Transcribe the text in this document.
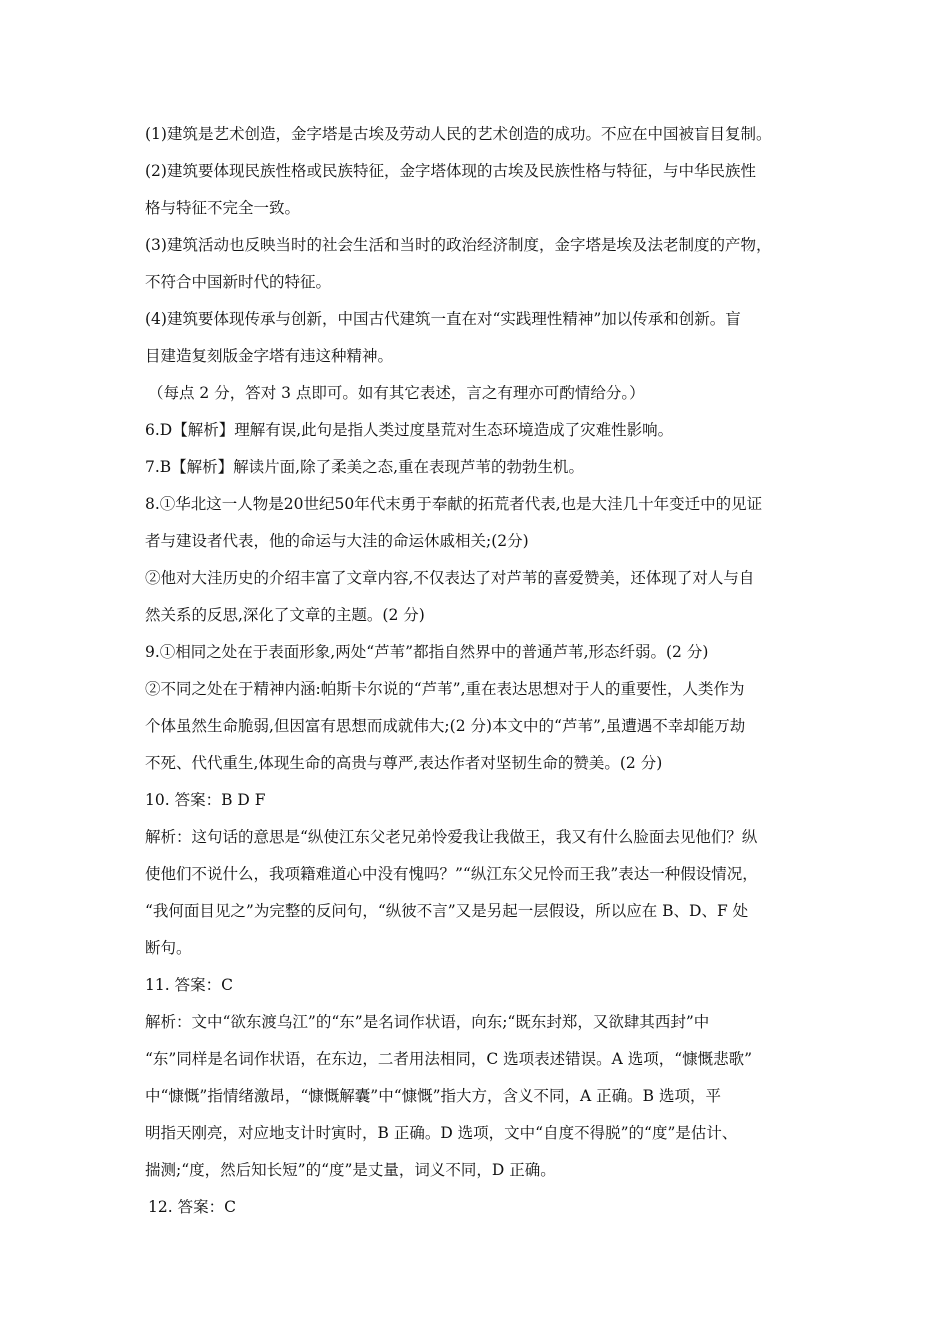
(1)建筑是艺术创造，金字塔是古埃及劳动人民的艺术创造的成功。不应在中国被盲目复制。
(2)建筑要体现民族性格或民族特征，金字塔体现的古埃及民族性格与特征，与中华民族性
格与特征不完全一致。
(3)建筑活动也反映当时的社会生活和当时的政治经济制度，金字塔是埃及法老制度的产物，
不符合中国新时代的特征。
(4)建筑要体现传承与创新，中国古代建筑一直在对“实践理性精神”加以传承和创新。盲
目建造复刻版金字塔有违这种精神。
（每点 2 分，答对 3 点即可。如有其它表述，言之有理亦可酌情给分。）
6.D【解析】理解有误,此句是指人类过度垦荒对生态环境造成了灾难性影响。
7.B【解析】解读片面,除了柔美之态,重在表现芦苇的勃勃生机。
8.①华北这一人物是20世纪50年代末勇于奉献的拓荒者代表,也是大洼几十年变迁中的见证
者与建设者代表，他的命运与大洼的命运休戚相关;(2分)
②他对大洼历史的介绍丰富了文章内容,不仅表达了对芦苇的喜爱赞美，还体现了对人与自
然关系的反思,深化了文章的主题。(2 分)
9.①相同之处在于表面形象,两处“芦苇”都指自然界中的普通芦苇,形态纤弱。(2 分)
②不同之处在于精神内涵:帕斯卡尔说的“芦苇”,重在表达思想对于人的重要性，人类作为
个体虽然生命脆弱,但因富有思想而成就伟大;(2 分)本文中的“芦苇”,虽遭遇不幸却能万劫
不死、代代重生,体现生命的高贵与尊严,表达作者对坚韧生命的赞美。(2 分)
10. 答案：B D F
解析：这句话的意思是“纵使江东父老兄弟怜爱我让我做王，我又有什么脸面去见他们？纵
使他们不说什么，我项籍难道心中没有愧吗？”“纵江东父兄怜而王我”表达一种假设情况，
“我何面目见之”为完整的反问句，“纵彼不言”又是另起一层假设，所以应在 B、D、F 处
断句。
11. 答案：C
解析：文中“欲东渡乌江”的“东”是名词作状语，向东;“既东封郑，又欲肆其西封”中
“东”同样是名词作状语，在东边，二者用法相同，C 选项表述错误。A 选项，“慷慨悲歌”
中“慷慨”指情绪激昂，“慷慨解囊”中“慷慨”指大方，含义不同，A 正确。B 选项，平
明指天刚亮，对应地支计时寅时，B 正确。D 选项，文中“自度不得脱”的“度”是估计、
揣测;“度，然后知长短”的“度”是丈量，词义不同，D 正确。
12. 答案：C
